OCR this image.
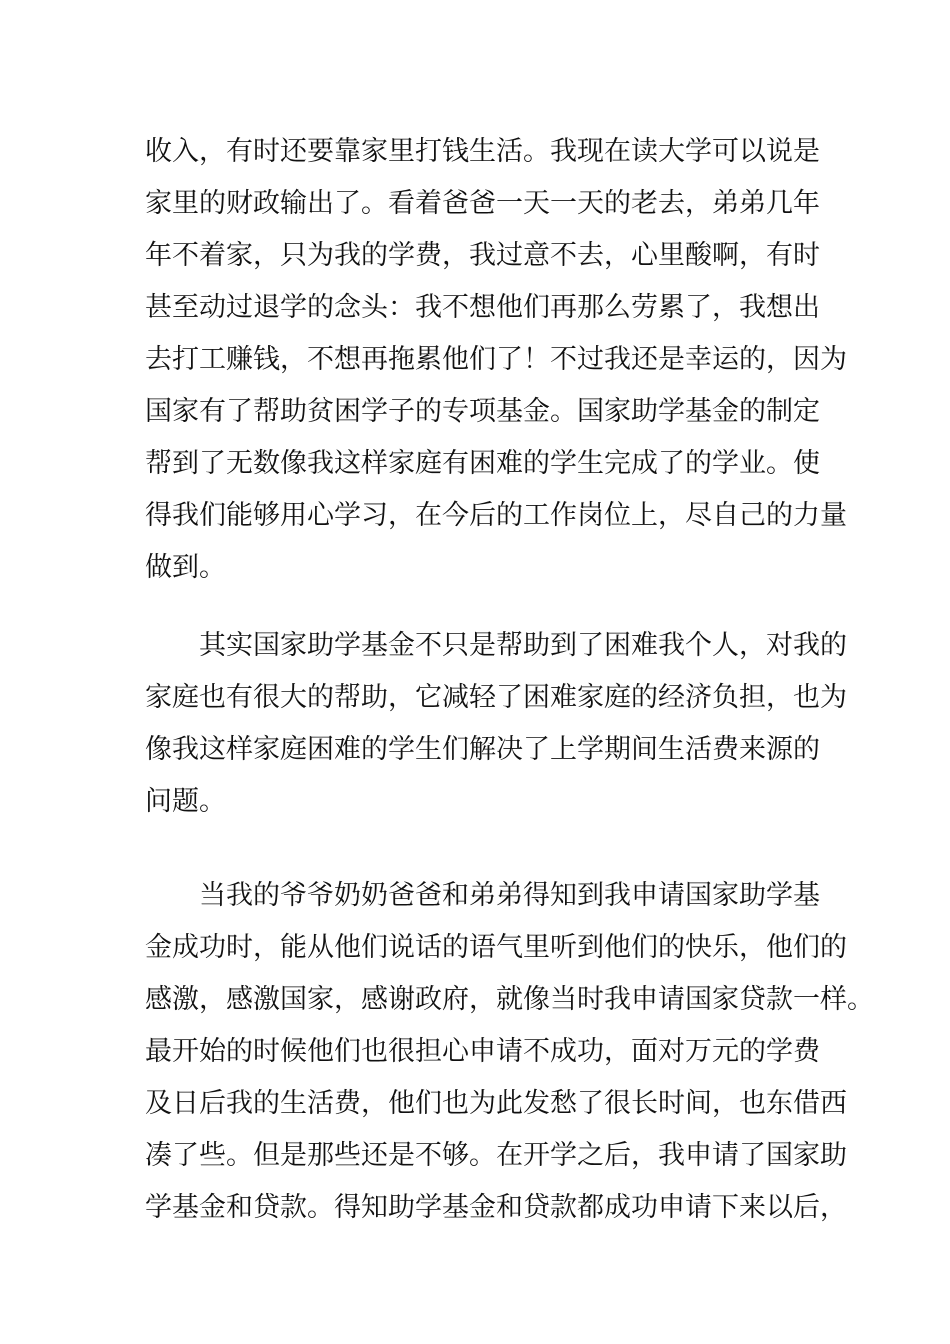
收入，有时还要靠家里打钱生活。我现在读大学可以说是
家里的财政输出了。看着爸爸一天一天的老去，弟弟几年
年不着家，只为我的学费，我过意不去，心里酸啊，有时
甚至动过退学的念头：我不想他们再那么劳累了，我想出
去打工赚钱，不想再拖累他们了！不过我还是幸运的，因为
国家有了帮助贫困学子的专项基金。国家助学基金的制定
帮到了无数像我这样家庭有困难的学生完成了的学业。使
得我们能够用心学习，在今后的工作岗位上，尽自己的力量
做到。

其实国家助学基金不只是帮助到了困难我个人，对我的
家庭也有很大的帮助，它减轻了困难家庭的经济负担，也为
像我这样家庭困难的学生们解决了上学期间生活费来源的
问题。

当我的爷爷奶奶爸爸和弟弟得知到我申请国家助学基
金成功时，能从他们说话的语气里听到他们的快乐，他们的
感激，感激国家，感谢政府，就像当时我申请国家贷款一样。
最开始的时候他们也很担心申请不成功，面对万元的学费
及日后我的生活费，他们也为此发愁了很长时间，也东借西
凑了些。但是那些还是不够。在开学之后，我申请了国家助
学基金和贷款。得知助学基金和贷款都成功申请下来以后，
